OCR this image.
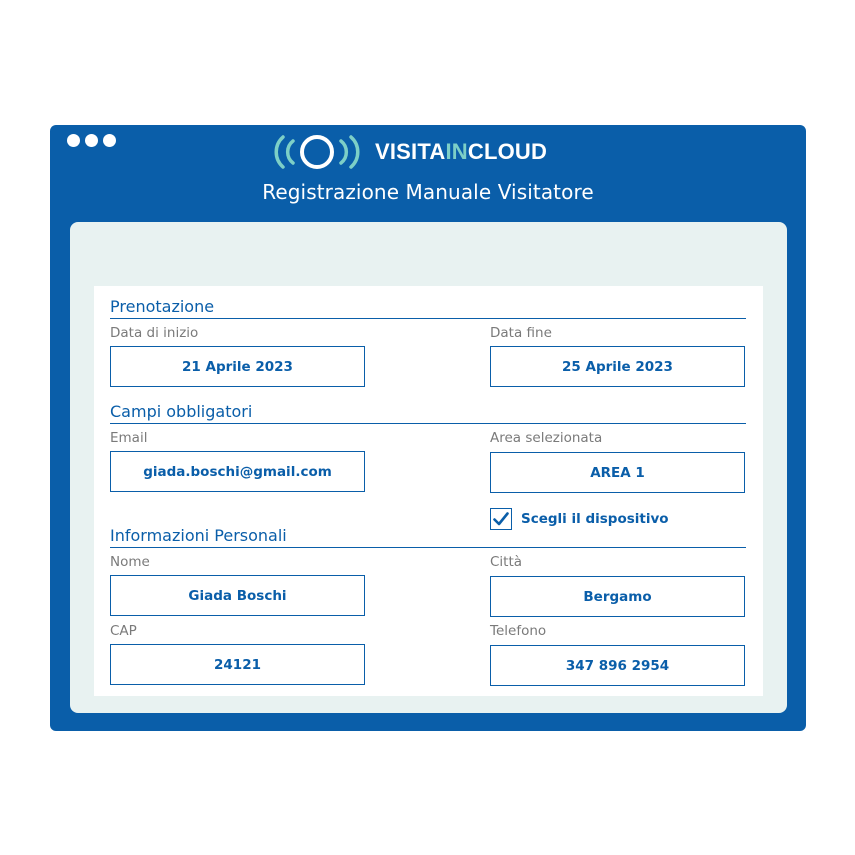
VISITAINCLOUD
Registrazione Manuale Visitatore
Prenotazione
Data di inizio
21 Aprile 2023
Data fine
25 Aprile 2023
Campi obbligatori
Email
giada.boschi@gmail.com
Area selezionata
AREA 1
Scegli il dispositivo
Informazioni Personali
Nome
Giada Boschi
Città
Bergamo
CAP
24121
Telefono
347 896 2954
